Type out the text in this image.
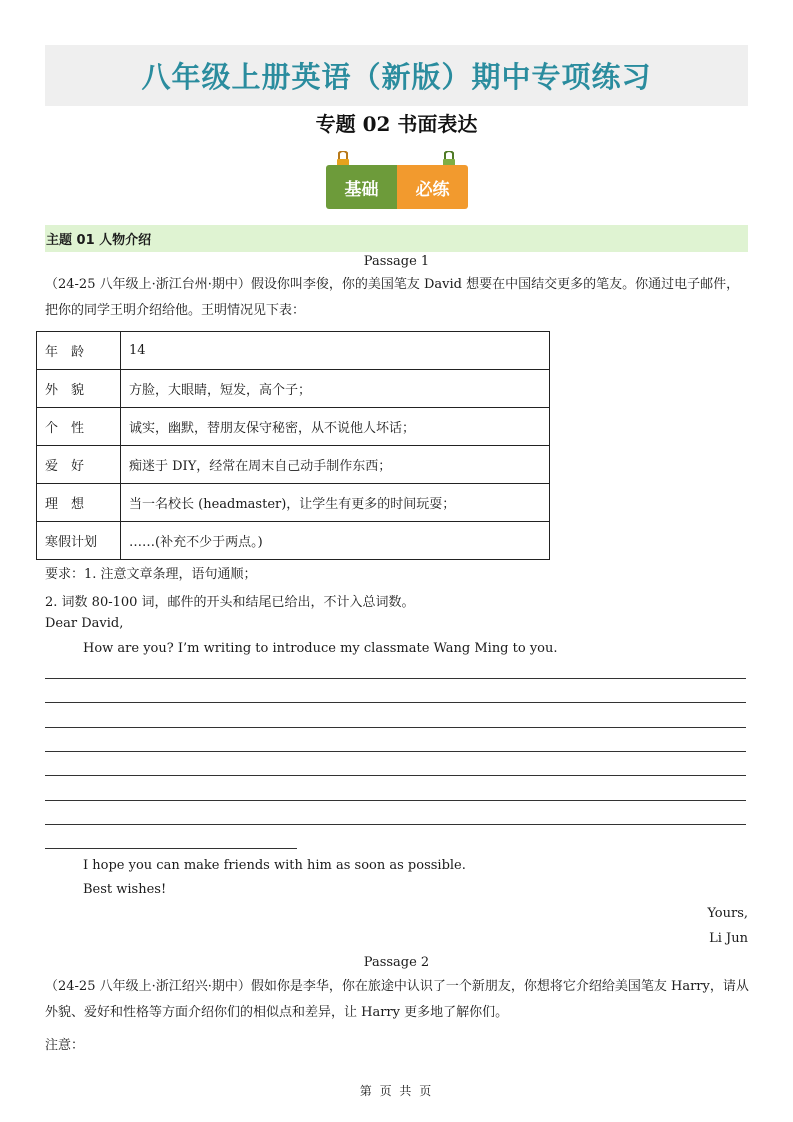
八年级上册英语（新版）期中专项练习
专题 02 书面表达
基础	必练
主题 01 人物介绍
Passage 1
（24-25 八年级上·浙江台州·期中）假设你叫李俊，你的美国笔友 David 想要在中国结交更多的笔友。你通过电子邮件，把你的同学王明介绍给他。王明情况见下表：
年　龄	14
外　貌	方脸，大眼睛，短发，高个子；
个　性	诚实，幽默，替朋友保守秘密，从不说他人坏话；
爱　好	痴迷于 DIY，经常在周末自己动手制作东西；
理　想	当一名校长 (headmaster)，让学生有更多的时间玩耍；
寒假计划	……(补充不少于两点。)
要求：1. 注意文章条理，语句通顺；
2. 词数 80-100 词，邮件的开头和结尾已给出，不计入总词数。
Dear David,
How are you? I’m writing to introduce my classmate Wang Ming to you.
I hope you can make friends with him as soon as possible.
Best wishes!
Yours,
Li Jun
Passage 2
（24-25 八年级上·浙江绍兴·期中）假如你是李华，你在旅途中认识了一个新朋友，你想将它介绍给美国笔友 Harry，请从外貌、爱好和性格等方面介绍你们的相似点和差异，让 Harry 更多地了解你们。
注意：
第 页 共 页
